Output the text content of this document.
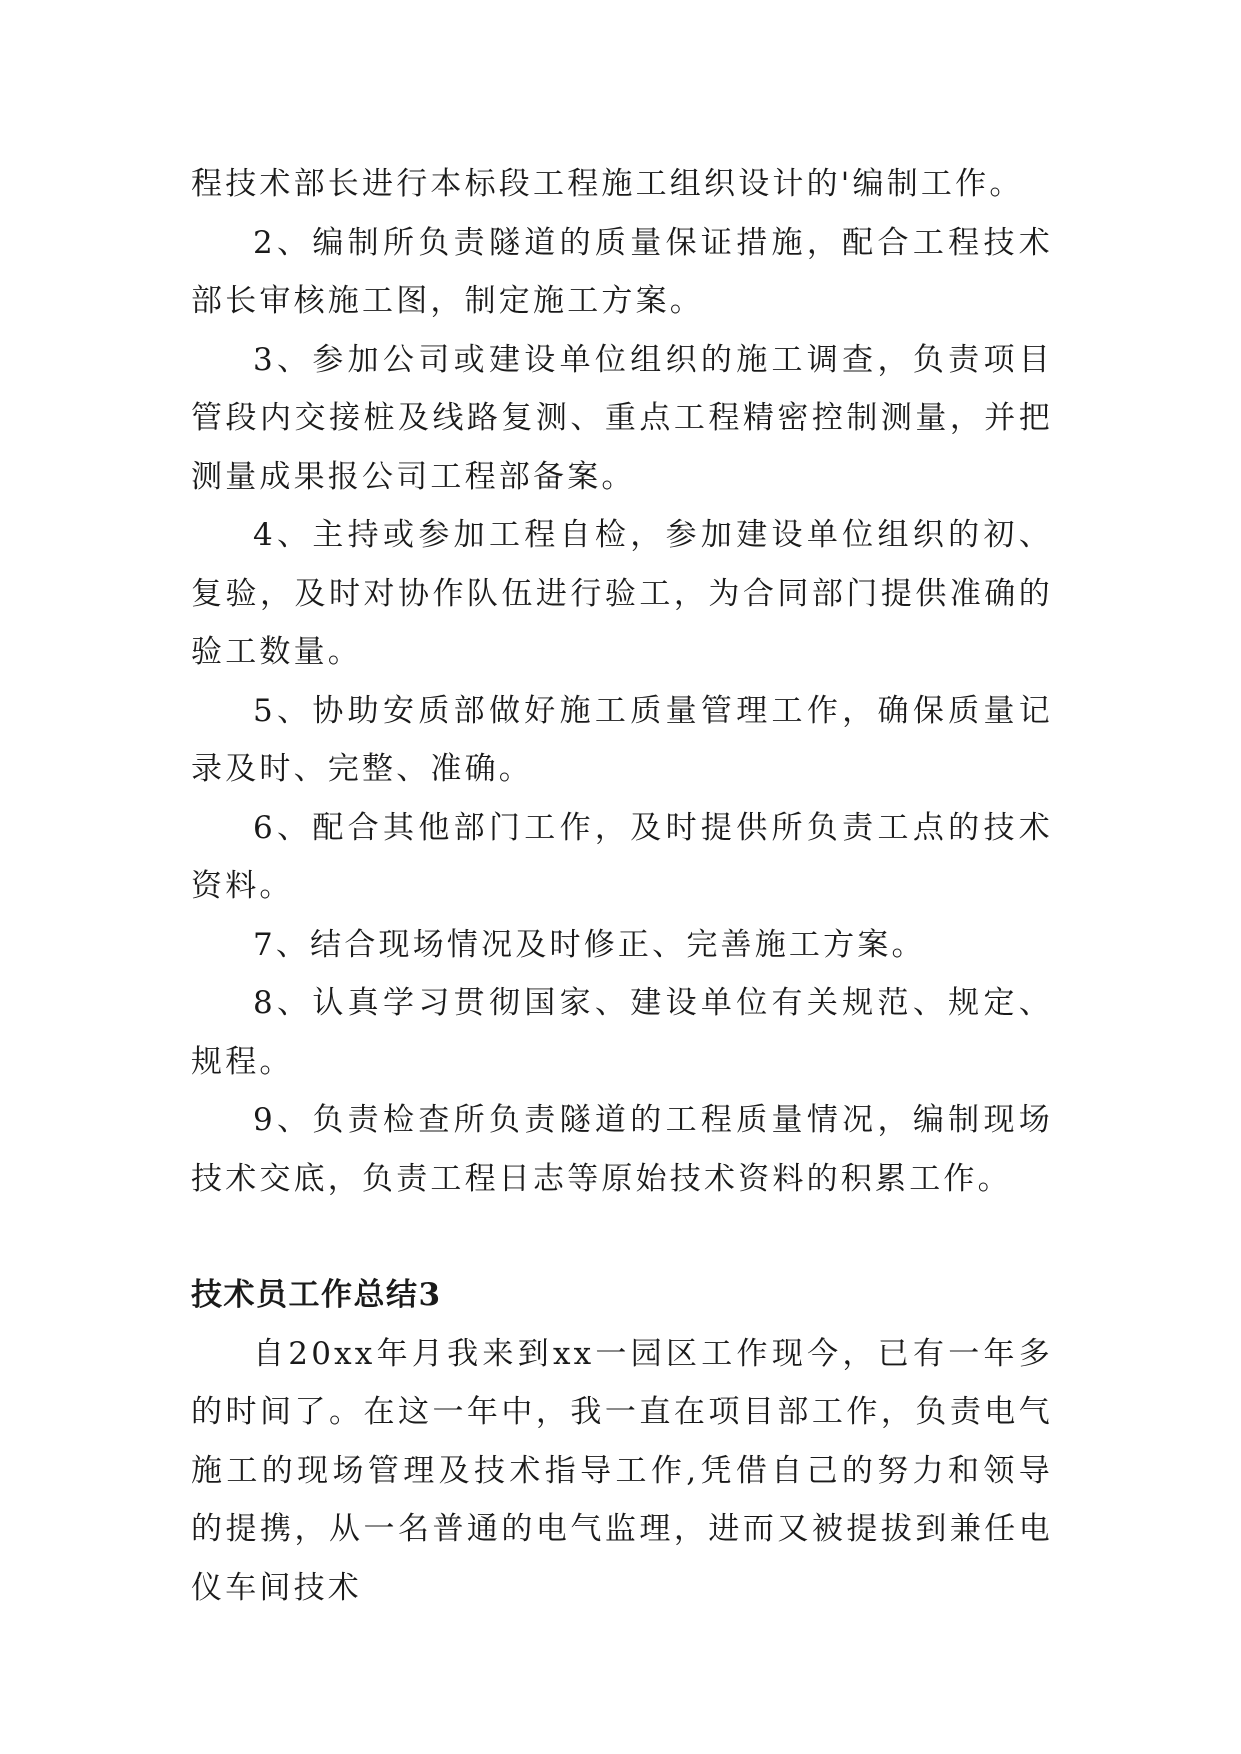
程技术部长进行本标段工程施工组织设计的'编制工作。

2、编制所负责隧道的质量保证措施，配合工程技术部长审核施工图，制定施工方案。

3、参加公司或建设单位组织的施工调查，负责项目管段内交接桩及线路复测、重点工程精密控制测量，并把测量成果报公司工程部备案。

4、主持或参加工程自检，参加建设单位组织的初、复验，及时对协作队伍进行验工，为合同部门提供准确的验工数量。

5、协助安质部做好施工质量管理工作，确保质量记录及时、完整、准确。

6、配合其他部门工作，及时提供所负责工点的技术资料。

7、结合现场情况及时修正、完善施工方案。

8、认真学习贯彻国家、建设单位有关规范、规定、规程。

9、负责检查所负责隧道的工程质量情况，编制现场技术交底，负责工程日志等原始技术资料的积累工作。

技术员工作总结3

自20xx年月我来到xx一园区工作现今，已有一年多的时间了。在这一年中，我一直在项目部工作，负责电气施工的现场管理及技术指导工作,凭借自己的努力和领导的提携，从一名普通的电气监理，进而又被提拔到兼任电仪车间技术
